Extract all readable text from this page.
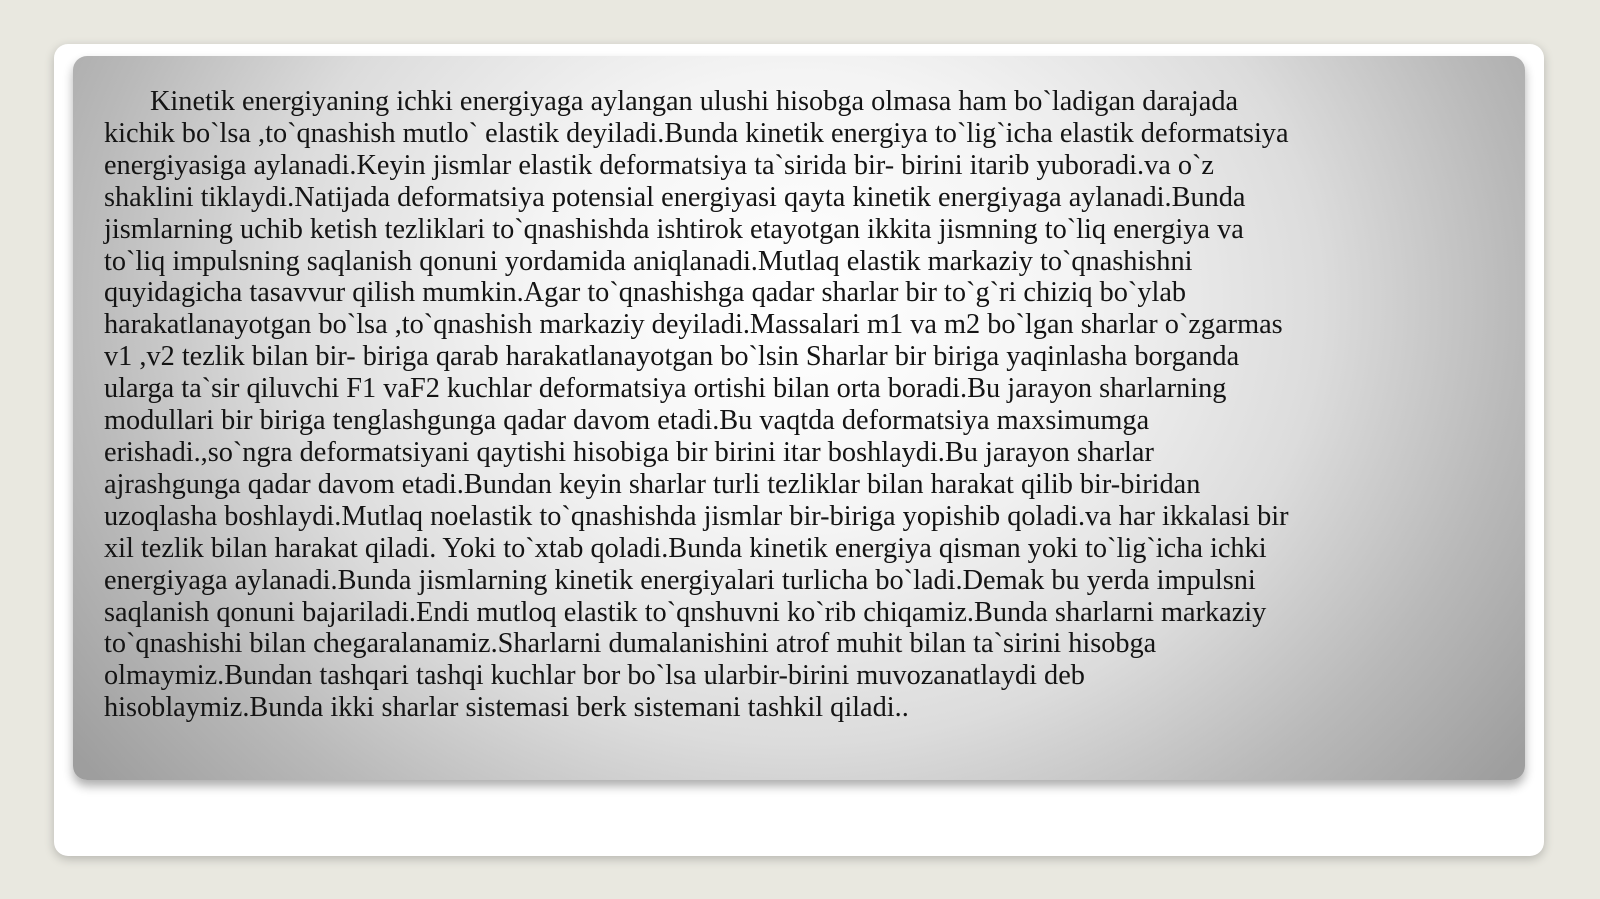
Kinetik energiyaning ichki energiyaga aylangan ulushi hisobga olmasa ham bo`ladigan darajada
kichik bo`lsa ,to`qnashish mutlo` elastik deyiladi.Bunda kinetik energiya to`lig`icha elastik deformatsiya
energiyasiga aylanadi.Keyin jismlar elastik deformatsiya ta`sirida bir- birini itarib yuboradi.va o`z
shaklini tiklaydi.Natijada deformatsiya potensial energiyasi qayta kinetik energiyaga aylanadi.Bunda
jismlarning uchib ketish tezliklari to`qnashishda ishtirok etayotgan ikkita jismning to`liq energiya va
to`liq impulsning saqlanish qonuni yordamida aniqlanadi.Mutlaq elastik markaziy to`qnashishni
quyidagicha tasavvur qilish mumkin.Agar to`qnashishga qadar sharlar bir to`g`ri chiziq bo`ylab
harakatlanayotgan bo`lsa ,to`qnashish markaziy deyiladi.Massalari m1 va m2 bo`lgan sharlar o`zgarmas
v1 ,v2 tezlik bilan bir- biriga qarab harakatlanayotgan bo`lsin Sharlar bir biriga yaqinlasha borganda
ularga ta`sir qiluvchi F1 vaF2 kuchlar deformatsiya ortishi bilan orta boradi.Bu jarayon sharlarning
modullari bir biriga tenglashgunga qadar davom etadi.Bu vaqtda deformatsiya maxsimumga
erishadi.,so`ngra deformatsiyani qaytishi hisobiga bir birini itar boshlaydi.Bu jarayon sharlar
ajrashgunga qadar davom etadi.Bundan keyin sharlar turli tezliklar bilan harakat qilib bir-biridan
uzoqlasha boshlaydi.Mutlaq noelastik to`qnashishda jismlar bir-biriga yopishib qoladi.va har ikkalasi bir
xil tezlik bilan harakat qiladi. Yoki to`xtab qoladi.Bunda kinetik energiya qisman yoki to`lig`icha ichki
energiyaga aylanadi.Bunda jismlarning kinetik energiyalari turlicha bo`ladi.Demak bu yerda impulsni
saqlanish qonuni bajariladi.Endi mutloq elastik to`qnshuvni ko`rib chiqamiz.Bunda sharlarni markaziy
to`qnashishi bilan chegaralanamiz.Sharlarni dumalanishini atrof muhit bilan ta`sirini hisobga
olmaymiz.Bundan tashqari tashqi kuchlar bor bo`lsa ularbir-birini muvozanatlaydi deb
hisoblaymiz.Bunda ikki sharlar sistemasi berk sistemani tashkil qiladi..
